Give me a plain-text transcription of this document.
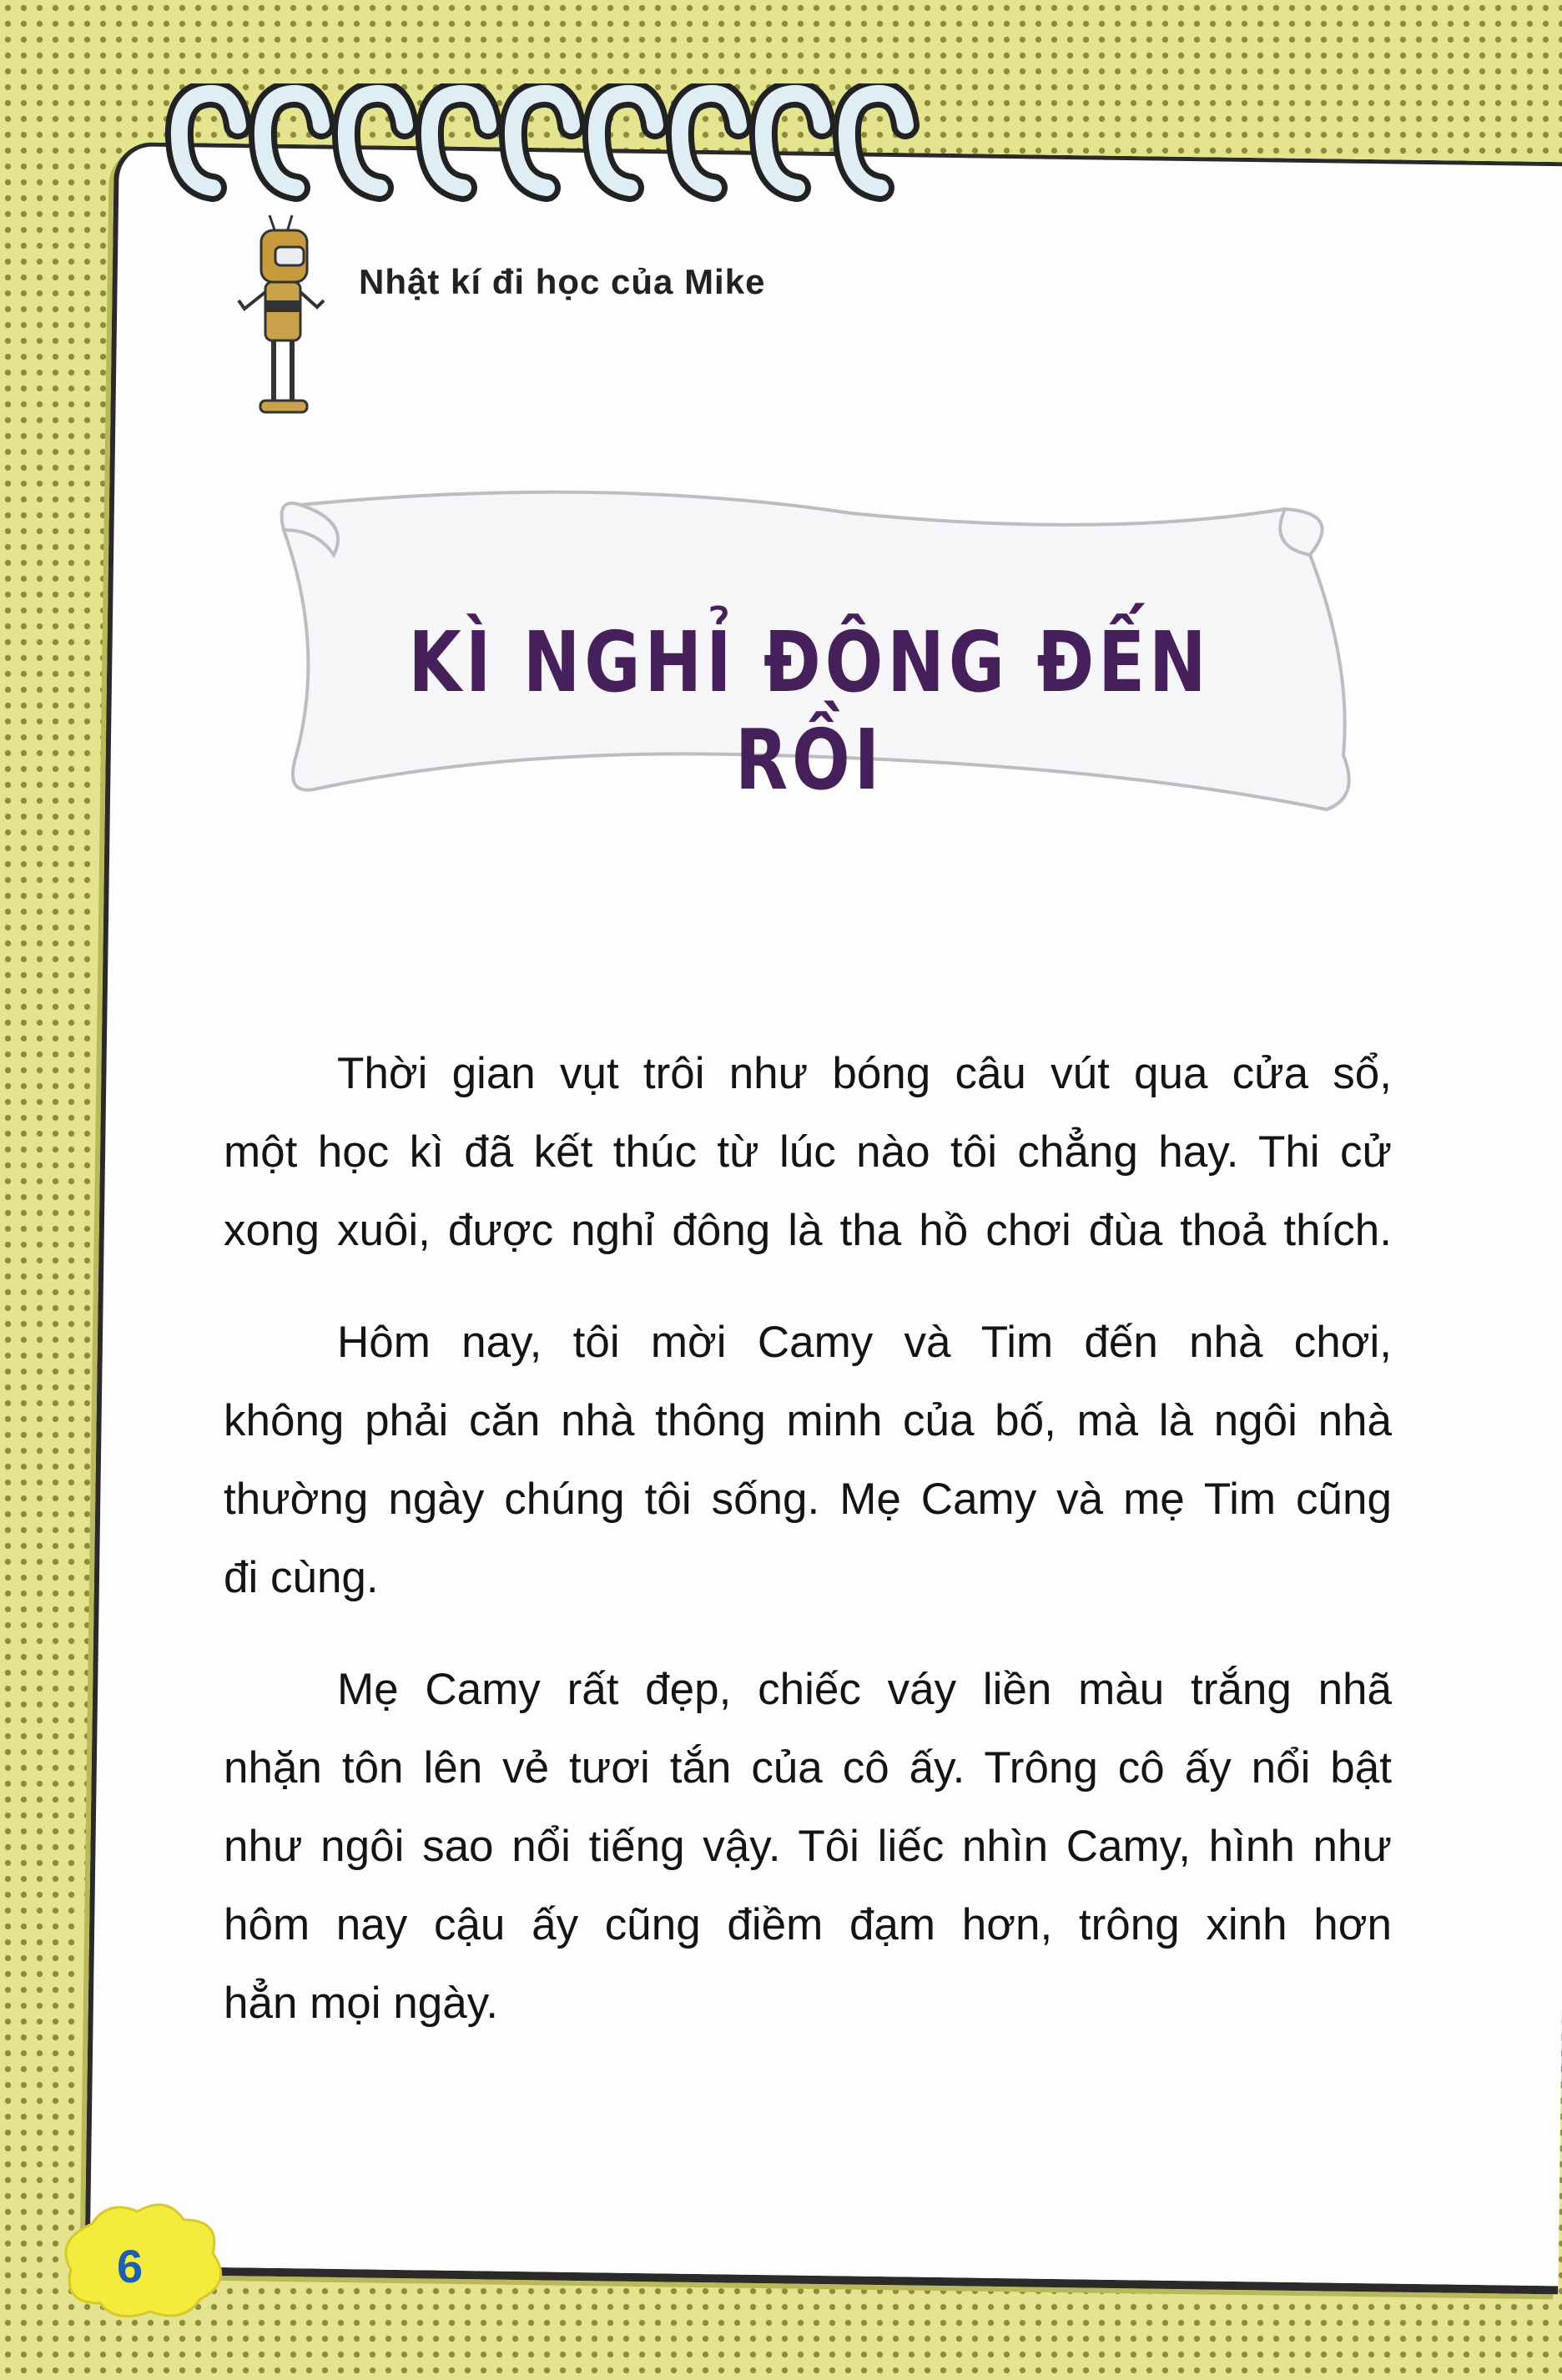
Nhật kí đi học của Mike
KÌ NGHỈ ĐÔNG ĐẾN RỒI
Thời gian vụt trôi như bóng câu vút qua cửa sổ,
một học kì đã kết thúc từ lúc nào tôi chẳng hay. Thi cử
xong xuôi, được nghỉ đông là tha hồ chơi đùa thoả thích.
Hôm nay, tôi mời Camy và Tim đến nhà chơi,
không phải căn nhà thông minh của bố, mà là ngôi nhà
thường ngày chúng tôi sống. Mẹ Camy và mẹ Tim cũng
đi cùng.
Mẹ Camy rất đẹp, chiếc váy liền màu trắng nhã
nhặn tôn lên vẻ tươi tắn của cô ấy. Trông cô ấy nổi bật
như ngôi sao nổi tiếng vậy. Tôi liếc nhìn Camy, hình như
hôm nay cậu ấy cũng điềm đạm hơn, trông xinh hơn
hẳn mọi ngày.
6
